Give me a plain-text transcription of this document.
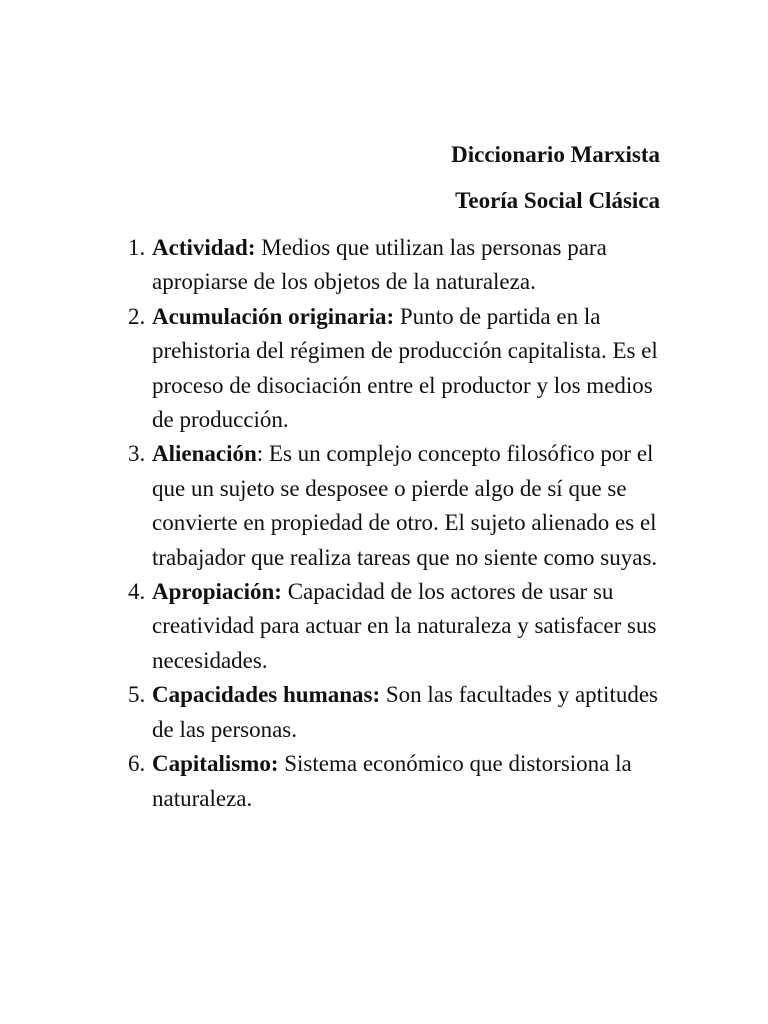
Diccionario Marxista
Teoría Social Clásica
1. Actividad: Medios que utilizan las personas para apropiarse de los objetos de la naturaleza.
2. Acumulación originaria: Punto de partida en la prehistoria del régimen de producción capitalista. Es el proceso de disociación entre el productor y los medios de producción.
3. Alienación: Es un complejo concepto filosófico por el que un sujeto se desposee o pierde algo de sí que se convierte en propiedad de otro. El sujeto alienado es el trabajador que realiza tareas que no siente como suyas.
4. Apropiación: Capacidad de los actores de usar su creatividad para actuar en la naturaleza y satisfacer sus necesidades.
5. Capacidades humanas: Son las facultades y aptitudes de las personas.
6. Capitalismo: Sistema económico que distorsiona la naturaleza.
